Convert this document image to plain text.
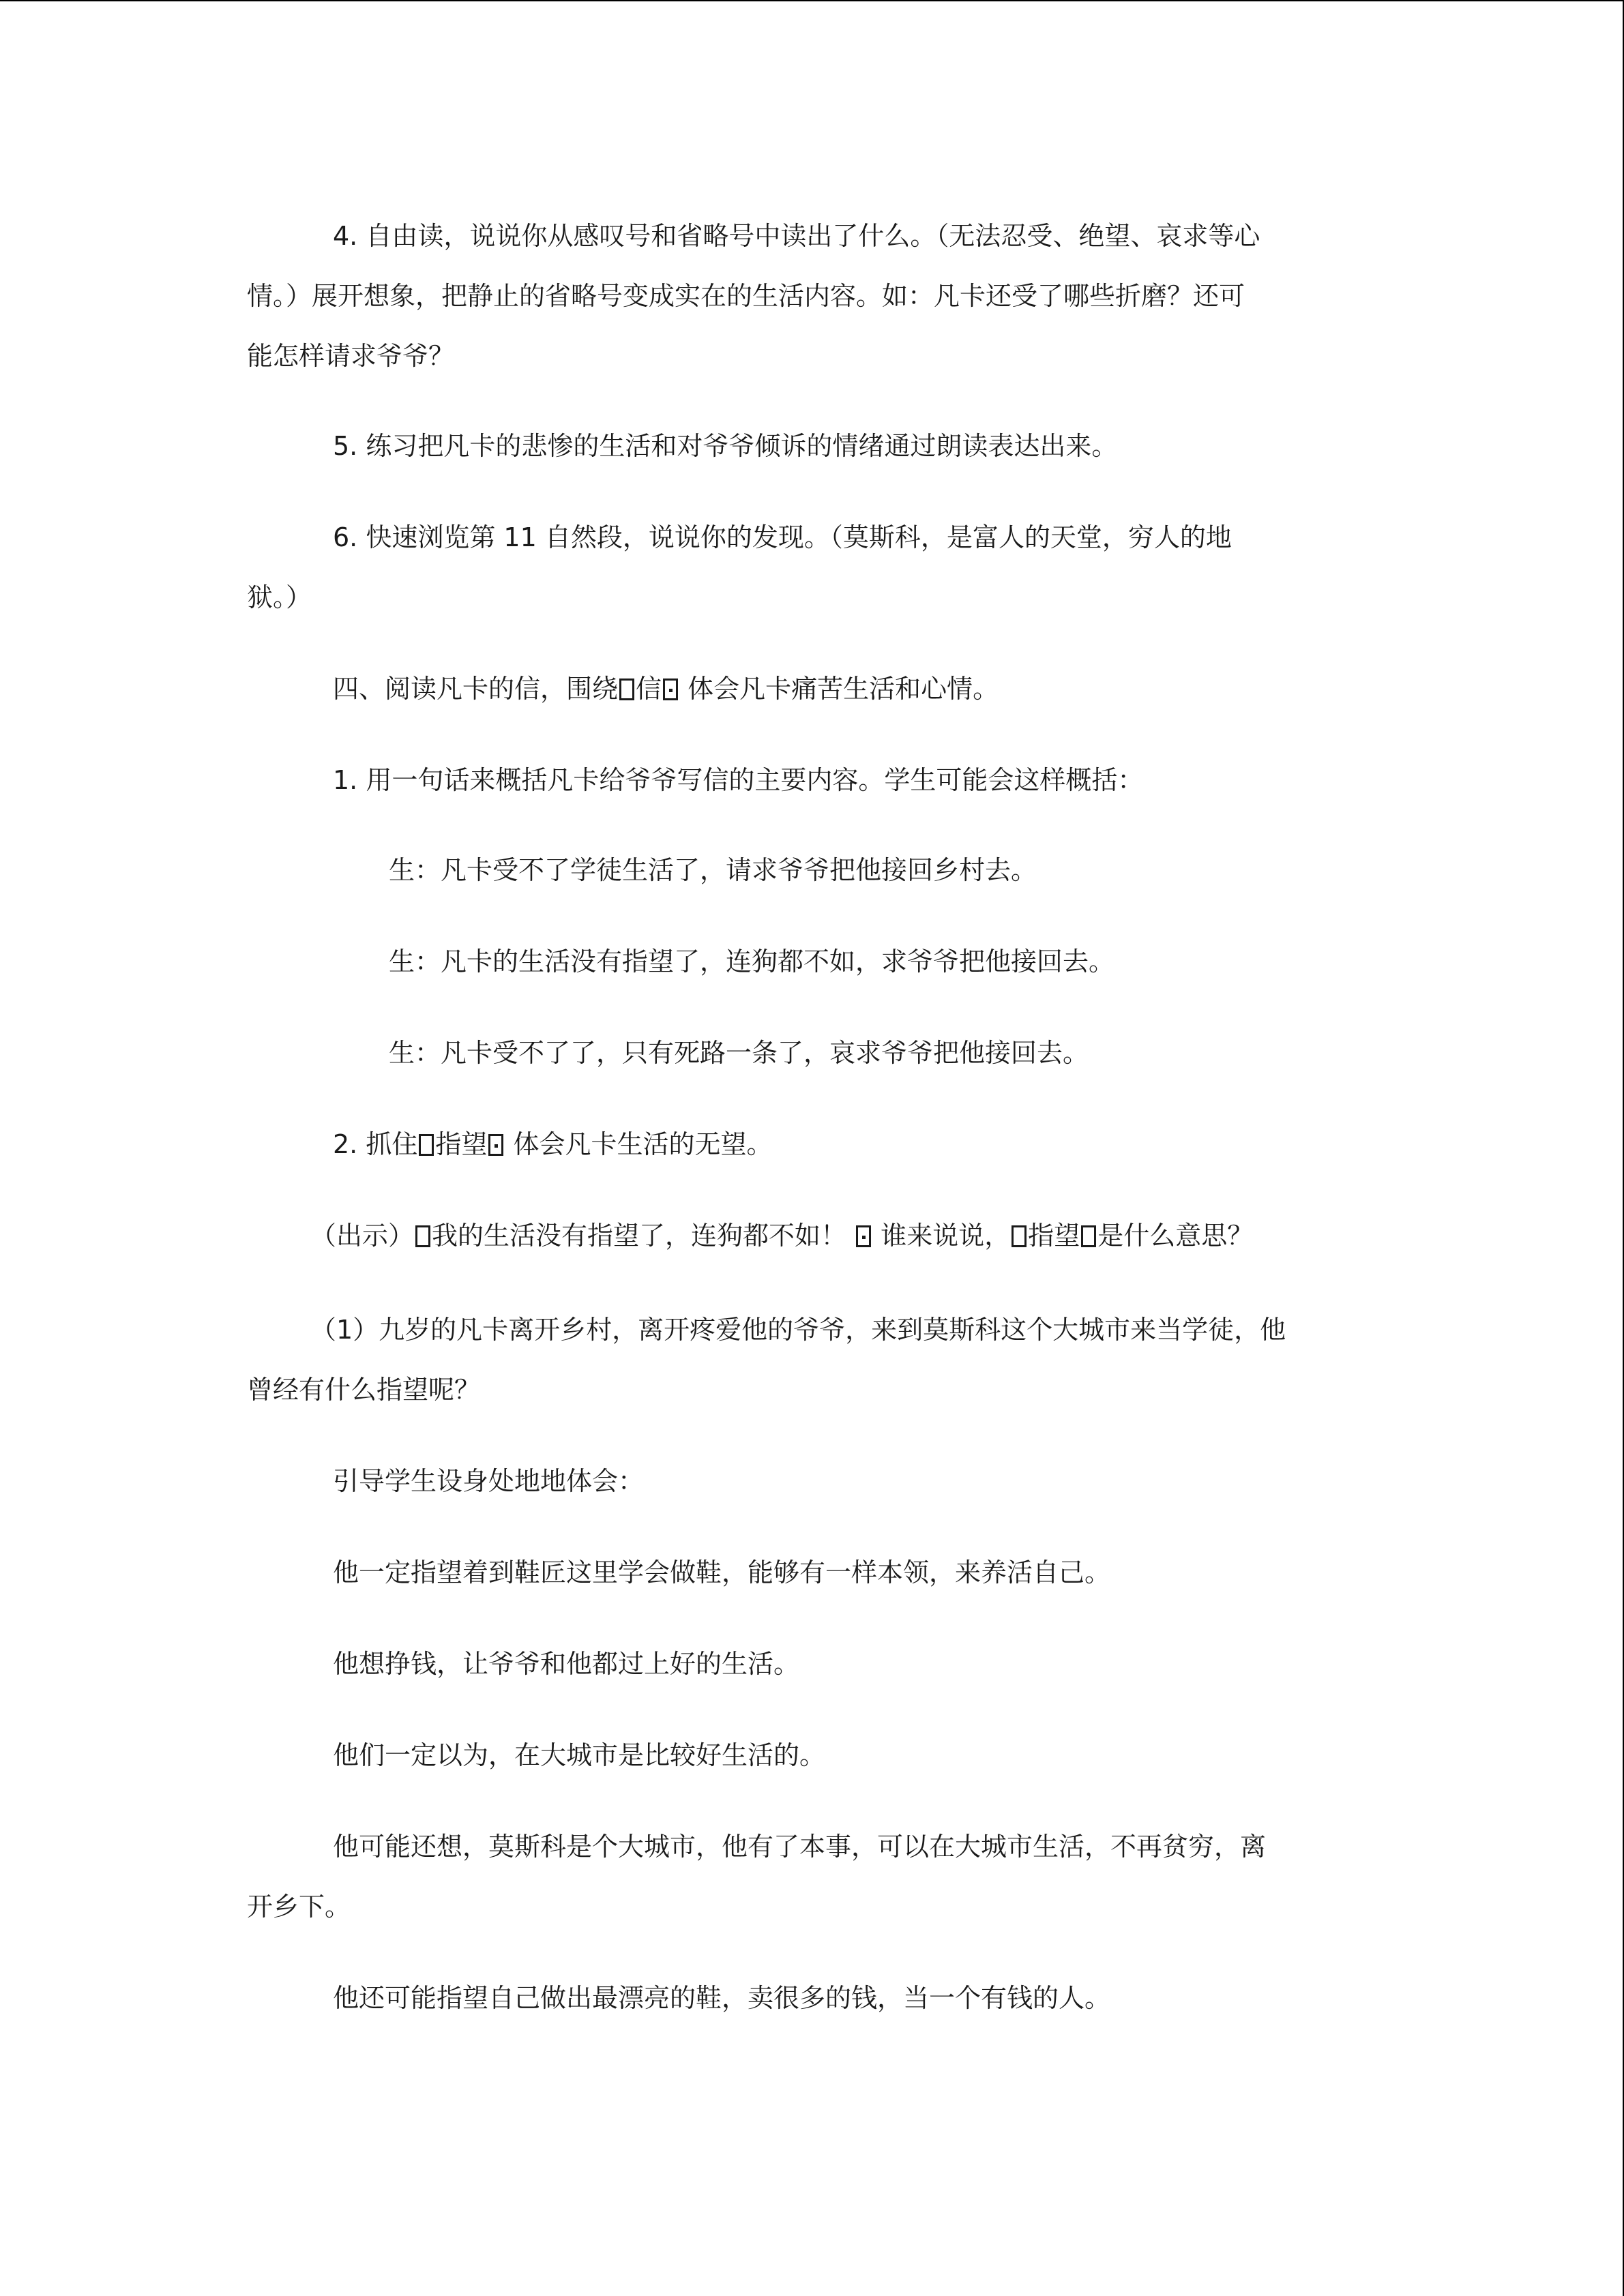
4. 自由读，说说你从感叹号和省略号中读出了什么。（无法忍受、绝望、哀求等心

情。）展开想象，把静止的省略号变成实在的生活内容。如：凡卡还受了哪些折磨？还可

能怎样请求爷爷？

5. 练习把凡卡的悲惨的生活和对爷爷倾诉的情绪通过朗读表达出来。

6. 快速浏览第 11 自然段，说说你的发现。（莫斯科，是富人的天堂，穷人的地

狱。）

四、阅读凡卡的信，围绕 信 体会凡卡痛苦生活和心情。

1. 用一句话来概括凡卡给爷爷写信的主要内容。学生可能会这样概括：

生：凡卡受不了学徒生活了，请求爷爷把他接回乡村去。

生：凡卡的生活没有指望了，连狗都不如，求爷爷把他接回去。

生：凡卡受不了了，只有死路一条了，哀求爷爷把他接回去。

2. 抓住 指望 体会凡卡生活的无望。

（出示） 我的生活没有指望了，连狗都不如！ 谁来说说， 指望 是什么意思？

（1）九岁的凡卡离开乡村，离开疼爱他的爷爷，来到莫斯科这个大城市来当学徒，他

曾经有什么指望呢？

引导学生设身处地地体会：

他一定指望着到鞋匠这里学会做鞋，能够有一样本领，来养活自己。

他想挣钱，让爷爷和他都过上好的生活。

他们一定以为，在大城市是比较好生活的。

他可能还想，莫斯科是个大城市，他有了本事，可以在大城市生活，不再贫穷，离

开乡下。

他还可能指望自己做出最漂亮的鞋，卖很多的钱，当一个有钱的人。
